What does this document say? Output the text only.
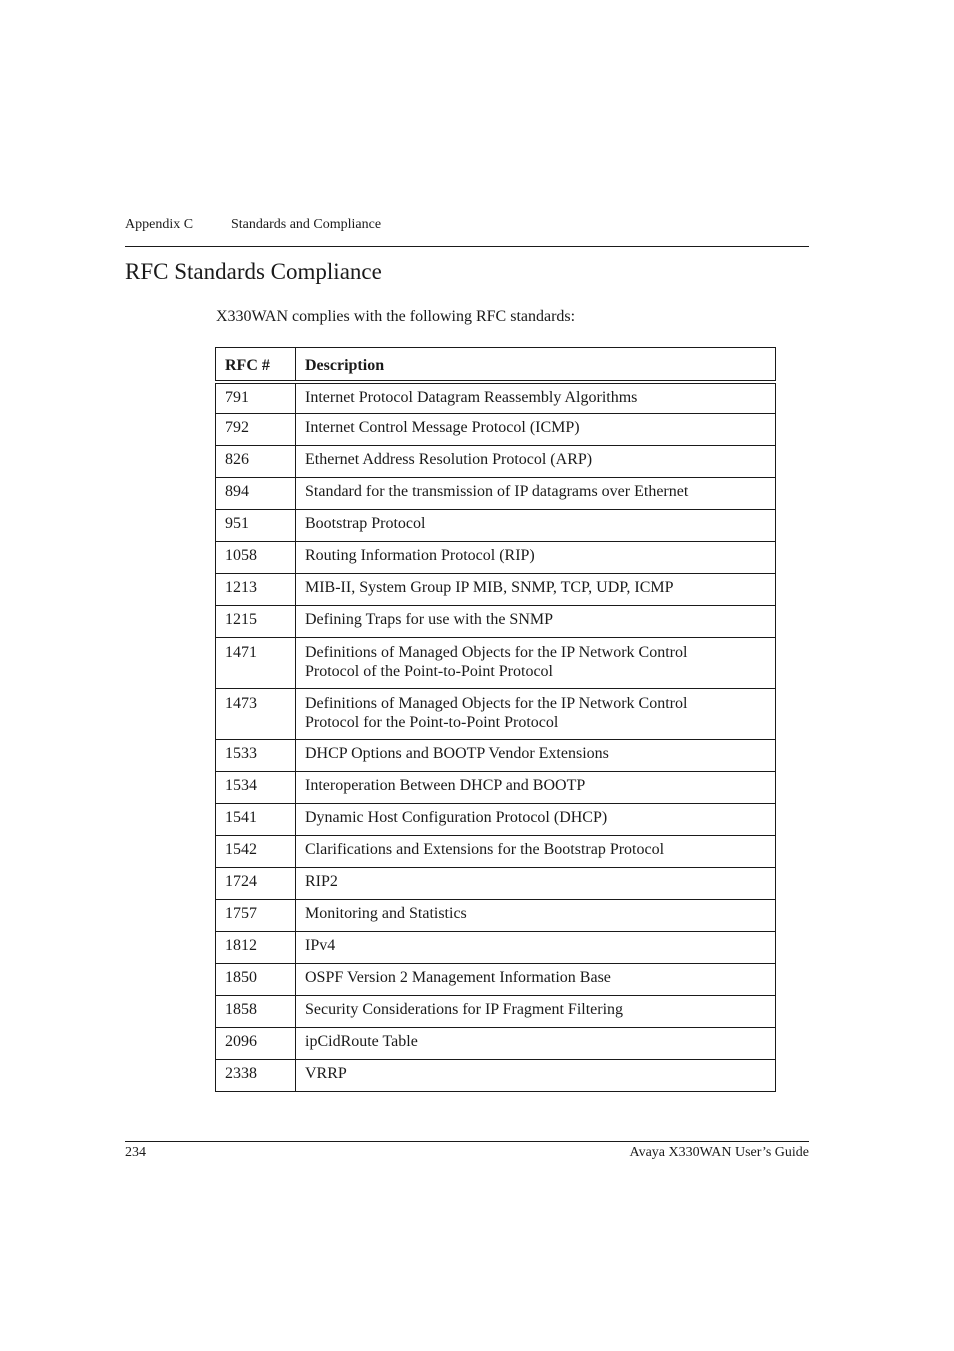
Appendix C	Standards and Compliance
RFC Standards Compliance
X330WAN complies with the following RFC standards:
RFC #	Description
791	Internet Protocol Datagram Reassembly Algorithms
792	Internet Control Message Protocol (ICMP)
826	Ethernet Address Resolution Protocol (ARP)
894	Standard for the transmission of IP datagrams over Ethernet
951	Bootstrap Protocol
1058	Routing Information Protocol (RIP)
1213	MIB-II, System Group IP MIB, SNMP, TCP, UDP, ICMP
1215	Defining Traps for use with the SNMP
1471	Definitions of Managed Objects for the IP Network Control
Protocol of the Point-to-Point Protocol

1473	Definitions of Managed Objects for the IP Network Control
Protocol for the Point-to-Point Protocol

1533	DHCP Options and BOOTP Vendor Extensions
1534	Interoperation Between DHCP and BOOTP
1541	Dynamic Host Configuration Protocol (DHCP)
1542	Clarifications and Extensions for the Bootstrap Protocol
1724	RIP2
1757	Monitoring and Statistics
1812	IPv4
1850	OSPF Version 2 Management Information Base
1858	Security Considerations for IP Fragment Filtering
2096	ipCidRoute Table
2338	VRRP
234	Avaya X330WAN User’s Guide
